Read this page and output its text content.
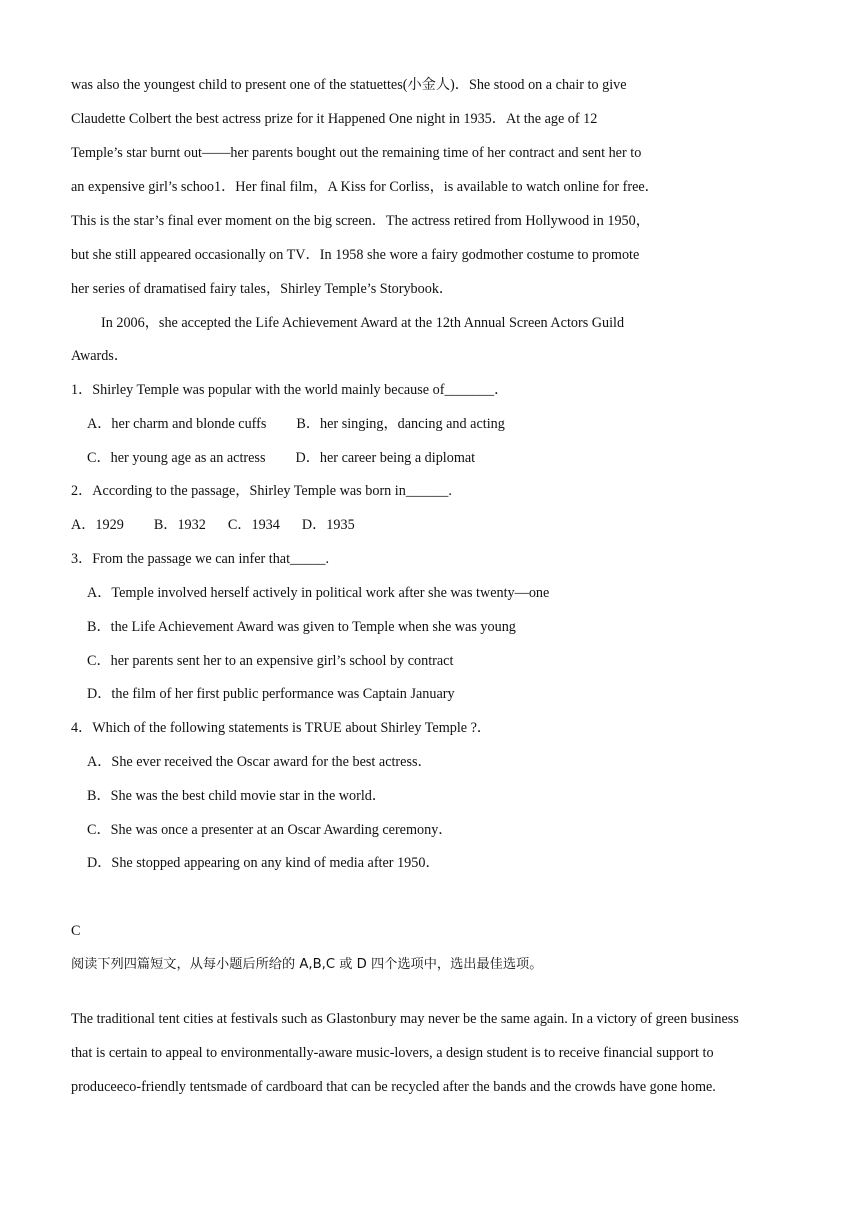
was also the youngest child to present one of the statuettes(小金人)．She stood on a chair to give
Claudette Colbert the best actress prize for it Happened One night in 1935．At the age of 12
Temple’s star burnt out——her parents bought out the remaining time of her contract and sent her to
an expensive girl’s schoo1．Her final film，A Kiss for Corliss，is available to watch online for free．
This is the star’s final ever moment on the big screen．The actress retired from Hollywood in 1950，
but she still appeared occasionally on TV．In 1958 she wore a fairy godmother costume to promote
her series of dramatised fairy tales，Shirley Temple’s Storybook．
In 2006，she accepted the Life Achievement Award at the 12th Annual Screen Actors Guild
Awards．
1．Shirley Temple was popular with the world mainly because of_______．
A．her charm and blonde cuffs B．her singing，dancing and acting
C．her young age as an actress D．her career being a diplomat
2．According to the passage，Shirley Temple was born in______.
A．1929 B．1932 C．1934 D．1935
3．From the passage we can infer that_____.
A．Temple involved herself actively in political work after she was twenty—one
B．the Life Achievement Award was given to Temple when she was young
C．her parents sent her to an expensive girl’s school by contract
D．the film of her first public performance was Captain January
4．Which of the following statements is TRUE about Shirley Temple ?．
A．She ever received the Oscar award for the best actress．
B．She was the best child movie star in the world．
C．She was once a presenter at an Oscar Awarding ceremony．
D．She stopped appearing on any kind of media after 1950．
C
阅读下列四篇短文，从每小题后所给的 A,B,C 或 D 四个选项中，选出最佳选项。
The traditional tent cities at festivals such as Glastonbury may never be the same again. In a victory of green business
that is certain to appeal to environmentally-aware music-lovers, a design student is to receive financial support to
produceeco-friendly tentsmade of cardboard that can be recycled after the bands and the crowds have gone home.
